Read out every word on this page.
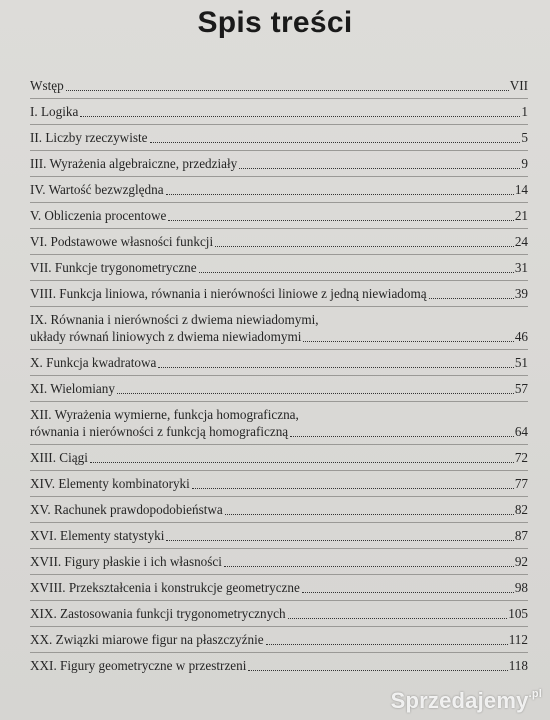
Spis treści
Wstęp	VII
I. Logika	1
II. Liczby rzeczywiste	5
III. Wyrażenia algebraiczne, przedziały	9
IV. Wartość bezwzględna	14
V. Obliczenia procentowe	21
VI. Podstawowe własności funkcji	24
VII. Funkcje trygonometryczne	31
VIII. Funkcja liniowa, równania i nierówności liniowe z jedną niewiadomą	39
IX. Równania i nierówności z dwiema niewiadomymi,
układy równań liniowych z dwiema niewiadomymi	46
X. Funkcja kwadratowa	51
XI. Wielomiany	57
XII. Wyrażenia wymierne, funkcja homograficzna,
równania i nierówności z funkcją homograficzną	64
XIII. Ciągi	72
XIV. Elementy kombinatoryki	77
XV. Rachunek prawdopodobieństwa	82
XVI. Elementy statystyki	87
XVII. Figury płaskie i ich własności	92
XVIII. Przekształcenia i konstrukcje geometryczne	98
XIX. Zastosowania funkcji trygonometrycznych	105
XX. Związki miarowe figur na płaszczyźnie	112
XXI. Figury geometryczne w przestrzeni	118
Sprzedajemy$^{.pl}$
